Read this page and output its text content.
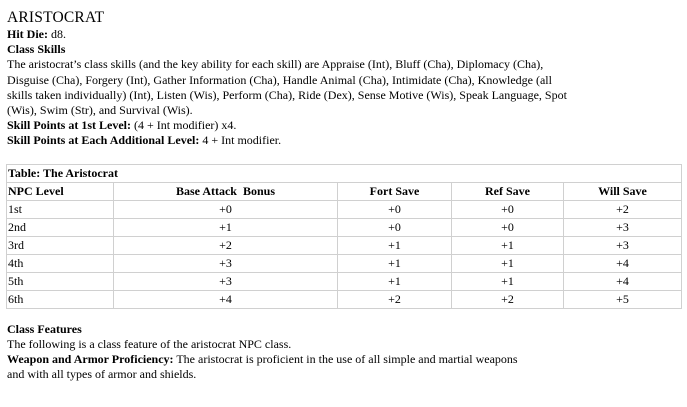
ARISTOCRAT

Hit Die: d8.

Class Skills

The aristocrat’s class skills (and the key ability for each skill) are Appraise (Int), Bluff (Cha), Diplomacy (Cha), Disguise (Cha), Forgery (Int), Gather Information (Cha), Handle Animal (Cha), Intimidate (Cha), Knowledge (all skills taken individually) (Int), Listen (Wis), Perform (Cha), Ride (Dex), Sense Motive (Wis), Speak Language, Spot (Wis), Swim (Str), and Survival (Wis).

Skill Points at 1st Level: (4 + Int modifier) x4.

Skill Points at Each Additional Level: 4 + Int modifier.

Table: The Aristocrat
NPC Level	Base Attack  Bonus	Fort Save	Ref Save	Will Save
1st	+0	+0	+0	+2
2nd	+1	+0	+0	+3
3rd	+2	+1	+1	+3
4th	+3	+1	+1	+4
5th	+3	+1	+1	+4
6th	+4	+2	+2	+5

Class Features

The following is a class feature of the aristocrat NPC class.

Weapon and Armor Proficiency: The aristocrat is proficient in the use of all simple and martial weapons

and with all types of armor and shields.
